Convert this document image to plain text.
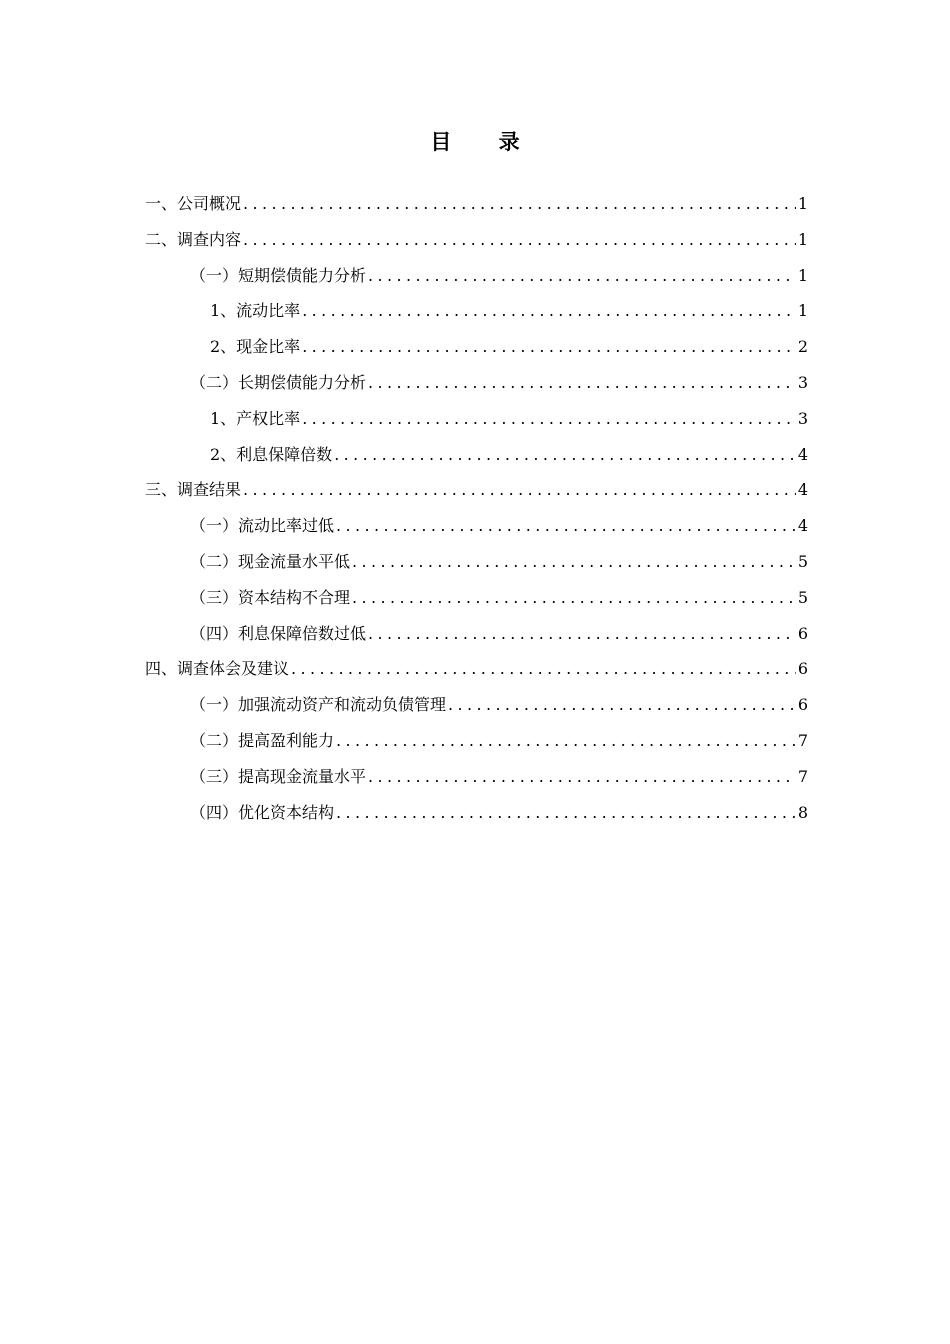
目 录
一、公司概况 .....	1
二、调查内容 .....	1
（一）短期偿债能力分析 .....	1
1、流动比率 .....	1
2、现金比率 .....	2
（二）长期偿债能力分析 .....	3
1、产权比率 .....	3
2、利息保障倍数 .....	4
三、调查结果 .....	4
（一）流动比率过低 .....	4
（二）现金流量水平低 .....	5
（三）资本结构不合理 .....	5
（四）利息保障倍数过低 .....	6
四、调查体会及建议 .....	6
（一）加强流动资产和流动负债管理 .....	6
（二）提高盈利能力 .....	7
（三）提高现金流量水平 .....	7
（四）优化资本结构 .....	8
